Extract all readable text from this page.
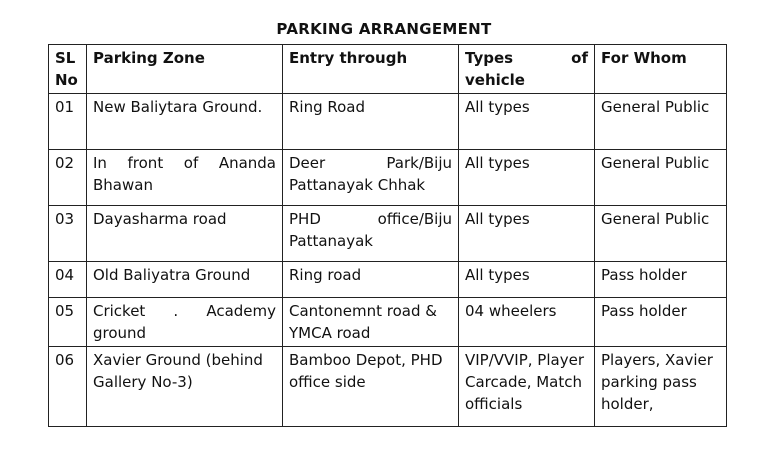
PARKING ARRANGEMENT
SL No	Parking Zone	Entry through	Types of vehicle	For Whom
01	New Baliytara Ground.	Ring Road	All types	General Public
02	In front of Ananda Bhawan	Deer Park/Biju Pattanayak Chhak	All types	General Public
03	Dayasharma road	PHD office/Biju Pattanayak	All types	General Public
04	Old Baliyatra Ground	Ring road	All types	Pass holder
05	Cricket . Academy ground	Cantonemnt road & YMCA road	04 wheelers	Pass holder
06	Xavier Ground (behind Gallery No-3)	Bamboo Depot, PHD office side	VIP/VVIP, Player Carcade, Match officials	Players, Xavier parking pass holder,
